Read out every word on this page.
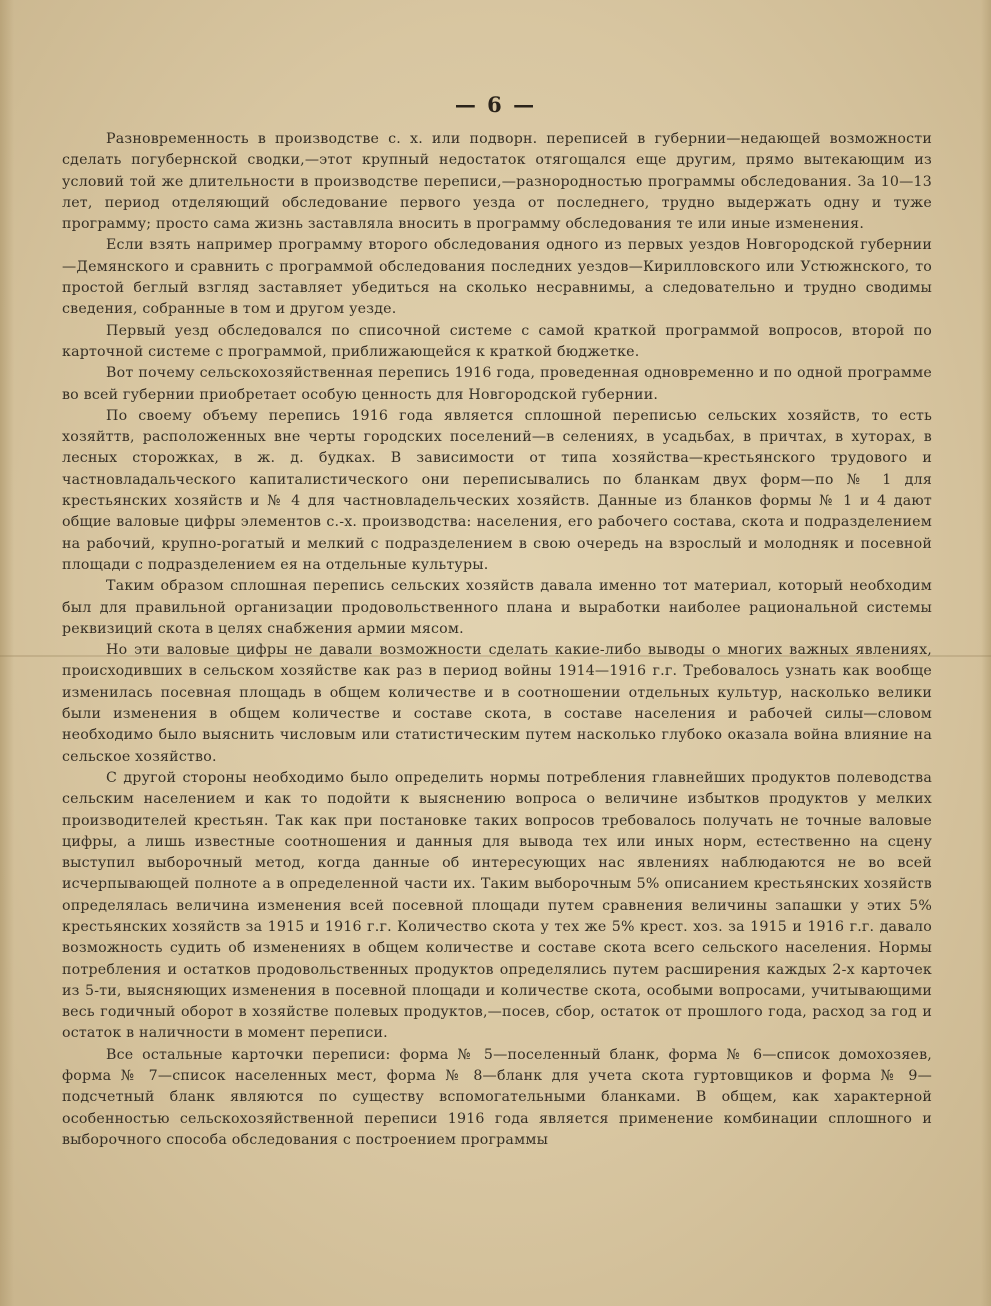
— 6 —

Разновременность в производстве с. х. или подворн. переписей в губернии—недающей возможности сделать погубернской сводки,—этот крупный недостаток отягощался еще другим, прямо вытекающим из условий той же длительности в производстве переписи,—разнородностью программы обследования. За 10—13 лет, период отделяющий обследование первого уезда от последнего, трудно выдержать одну и туже программу; просто сама жизнь заставляла вносить в программу обследования те или иные изменения.

Если взять например программу второго обследования одного из первых уездов Новгородской губернии—Демянского и сравнить с программой обследования последних уездов—Кирилловского или Устюжнского, то простой беглый взгляд заставляет убедиться на сколько несравнимы, а следовательно и трудно сводимы сведения, собранные в том и другом уезде.

Первый уезд обследовался по списочной системе с самой краткой программой вопросов, второй по карточной системе с программой, приближающейся к краткой бюджетке.

Вот почему сельскохозяйственная перепись 1916 года, проведенная одновременно и по одной программе во всей губернии приобретает особую ценность для Новгородской губернии.

По своему объему перепись 1916 года является сплошной переписью сельских хозяйств, то есть хозяйттв, расположенных вне черты городских поселений—в селениях, в усадьбах, в причтах, в хуторах, в лесных сторожках, в ж. д. будках. В зависимости от типа хозяйства—крестьянского трудового и частновладальческого капиталистического они переписывались по бланкам двух форм—по № 1 для крестьянских хозяйств и № 4 для частновладельческих хозяйств. Данные из бланков формы № 1 и 4 дают общие валовые цифры элементов с.-х. производства: населения, его рабочего состава, скота и подразделением на рабочий, крупно-рогатый и мелкий с подразделением в свою очередь на взрослый и молодняк и посевной площади с подразделением ея на отдельные культуры.

Таким образом сплошная перепись сельских хозяйств давала именно тот материал, который необходим был для правильной организации продовольственного плана и выработки наиболее рациональной системы реквизиций скота в целях снабжения армии мясом.

Но эти валовые цифры не давали возможности сделать какие-либо выводы о многих важных явлениях, происходивших в сельском хозяйстве как раз в период войны 1914—1916 г.г. Требовалось узнать как вообще изменилась посевная площадь в общем количестве и в соотношении отдельных культур, насколько велики были изменения в общем количестве и составе скота, в составе населения и рабочей силы—словом необходимо было выяснить числовым или статистическим путем насколько глубоко оказала война влияние на сельское хозяйство.

С другой стороны необходимо было определить нормы потребления главнейших продуктов полеводства сельским населением и как то подойти к выяснению вопроса о величине избытков продуктов у мелких производителей крестьян. Так как при постановке таких вопросов требовалось получать не точные валовые цифры, а лишь известные соотношения и данныя для вывода тех или иных норм, естественно на сцену выступил выборочный метод, когда данные об интересующих нас явлениях наблюдаются не во всей исчерпывающей полноте а в определенной части их. Таким выборочным 5% описанием крестьянских хозяйств определялась величина изменения всей посевной площади путем сравнения величины запашки у этих 5% крестьянских хозяйств за 1915 и 1916 г.г. Количество скота у тех же 5% крест. хоз. за 1915 и 1916 г.г. давало возможность судить об изменениях в общем количестве и составе скота всего сельского населения. Нормы потребления и остатков продовольственных продуктов определялись путем расширения каждых 2-х карточек из 5-ти, выясняющих изменения в посевной площади и количестве скота, особыми вопросами, учитывающими весь годичный оборот в хозяйстве полевых продуктов,—посев, сбор, остаток от прошлого года, расход за год и остаток в наличности в момент переписи.

Все остальные карточки переписи: форма № 5—поселенный бланк, форма № 6—список домохозяев, форма № 7—список населенных мест, форма № 8—бланк для учета скота гуртовщиков и форма № 9—подсчетный бланк являются по существу вспомогательными бланками. В общем, как характерной особенностью сельскохозяйственной переписи 1916 года является применение комбинации сплошного и выборочного способа обследования с построением программы
